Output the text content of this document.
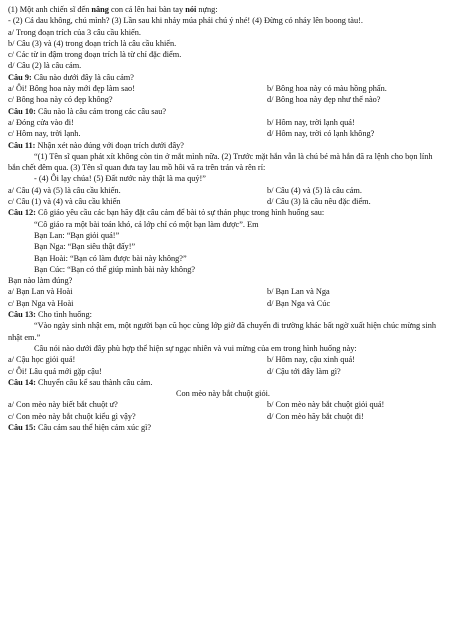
(1) Một anh chiến sĩ đến nâng con cá lên hai bàn tay nói nựng:

- (2) Cá dau không, chú mình? (3) Lần sau khi nhảy múa phải chú ý nhé! (4) Đừng có nhảy lên boong tàu!.

a/ Trong đoạn trích của 3 câu cầu khiến.

b/ Câu (3) và (4) trong đoạn trích là câu cầu khiến.

c/ Các từ in đậm trong đoạn trích là từ chỉ đặc điểm.

d/ Câu (2) là câu cảm.

Câu 9: Câu nào dưới đây là câu cảm?

a/ Ôi! Bông hoa này mới đẹp làm sao!	b/ Bông hoa này có màu hồng phấn.
c/ Bông hoa này có đẹp không?	d/ Bông hoa này đẹp như thế nào?

Câu 10: Câu nào là câu cảm trong các câu sau?

a/ Đóng cửa vào đi!	b/ Hôm nay, trời lạnh quá!
c/ Hôm nay, trời lạnh.	d/ Hôm nay, trời có lạnh không?

Câu 11: Nhận xét nào đúng với đoạn trích dưới đây?

“(1) Tên sĩ quan phát xít không còn tin ở mắt mình nữa. (2) Trước mặt hắn vẫn là chú bé mà hắn đã ra lệnh cho bọn lính bắn chết đêm qua. (3) Tên sĩ quan đưa tay lau mồ hôi vã ra trên trán và rên rỉ:

- (4) Ôi lạy chúa! (5) Đất nước này thật là ma quỷ!”

a/ Câu (4) và (5) là câu cầu khiến.	b/ Câu (4) và (5) là câu cảm.
c/ Câu (1) và (4) và câu cầu khiến	d/ Câu (3) là câu nêu đặc điểm.

Câu 12: Cô giáo yêu cầu các bạn hãy đặt câu cảm để bài tỏ sự thán phục trong hình huống sau:

“Cô giáo ra một bài toán khó, cả lớp chỉ có một bạn làm được”. Em

Bạn Lan: “Bạn giỏi quá!”

Bạn Nga: “Bạn siêu thật đấy!”

Bạn Hoài: “Bạn có làm được bài này không?”

Bạn Cúc: “Bạn có thể giúp mình bài này không?

Bạn nào làm đúng?

a/ Bạn Lan và Hoài	b/ Bạn Lan và Nga
c/ Bạn Nga và Hoài	d/ Bạn Nga và Cúc

Câu 13: Cho tình huống:

“Vào ngày sinh nhật em, một người bạn cũ học cùng lớp giờ đã chuyển đi trường khác bất ngờ xuất hiện chúc mừng sinh nhật em.”

Câu nói nào dưới đây phù hợp thể hiện sự ngạc nhiên và vui mừng của em trong hình huống này:

a/ Cậu học giỏi quá!	b/ Hôm nay, cậu xinh quá!
c/ Ôi! Lâu quá mới gặp cậu!	d/ Cậu tới đây làm gì?

Câu 14: Chuyển câu kể sau thành câu cảm.

Con mèo này bắt chuột giỏi.

a/ Con mèo này biết bắt chuột ư?	b/ Con mèo này bắt chuột giỏi quá!
c/ Con mèo này bắt chuột kiểu gì vậy?	d/ Con mèo hãy bắt chuột đi!

Câu 15: Câu cảm sau thể hiện cảm xúc gì?
